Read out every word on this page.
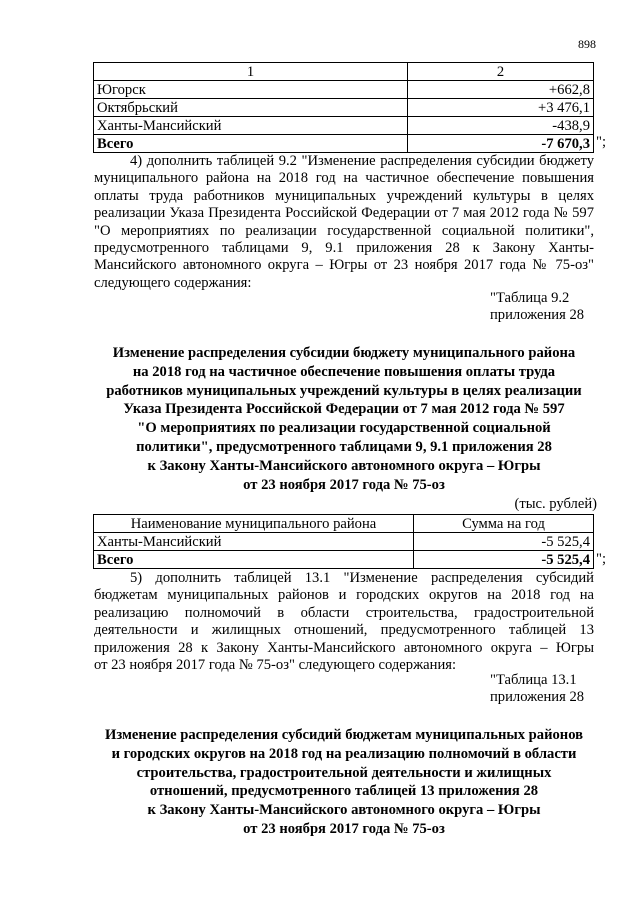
898
1	2
Югорск	+662,8
Октябрьский	+3 476,1
Ханты-Мансийский	-438,9
Всего	-7 670,3 ";
4) дополнить таблицей 9.2 "Изменение распределения субсидии бюджету
муниципального района на 2018 год на частичное обеспечение повышения
оплаты труда работников муниципальных учреждений культуры в целях
реализации Указа Президента Российской Федерации от 7 мая 2012 года № 597
"О мероприятиях по реализации государственной социальной политики",
предусмотренного таблицами 9, 9.1 приложения 28 к Закону Ханты-
Мансийского автономного округа – Югры от 23 ноября 2017 года № 75-оз"
следующего содержания:
"Таблица 9.2
приложения 28
Изменение распределения субсидии бюджету муниципального района
на 2018 год на частичное обеспечение повышения оплаты труда
работников муниципальных учреждений культуры в целях реализации
Указа Президента Российской Федерации от 7 мая 2012 года № 597
"О мероприятиях по реализации государственной социальной
политики", предусмотренного таблицами 9, 9.1 приложения 28
к Закону Ханты-Мансийского автономного округа – Югры
от 23 ноября 2017 года № 75-оз
(тыс. рублей)
Наименование муниципального района	Сумма на год
Ханты-Мансийский	-5 525,4
Всего	-5 525,4 ";
5) дополнить таблицей 13.1 "Изменение распределения субсидий
бюджетам муниципальных районов и городских округов на 2018 год на
реализацию полномочий в области строительства, градостроительной
деятельности и жилищных отношений, предусмотренного таблицей 13
приложения 28 к Закону Ханты-Мансийского автономного округа – Югры
от 23 ноября 2017 года № 75-оз" следующего содержания:
"Таблица 13.1
приложения 28
Изменение распределения субсидий бюджетам муниципальных районов
и городских округов на 2018 год на реализацию полномочий в области
строительства, градостроительной деятельности и жилищных
отношений, предусмотренного таблицей 13 приложения 28
к Закону Ханты-Мансийского автономного округа – Югры
от 23 ноября 2017 года № 75-оз
